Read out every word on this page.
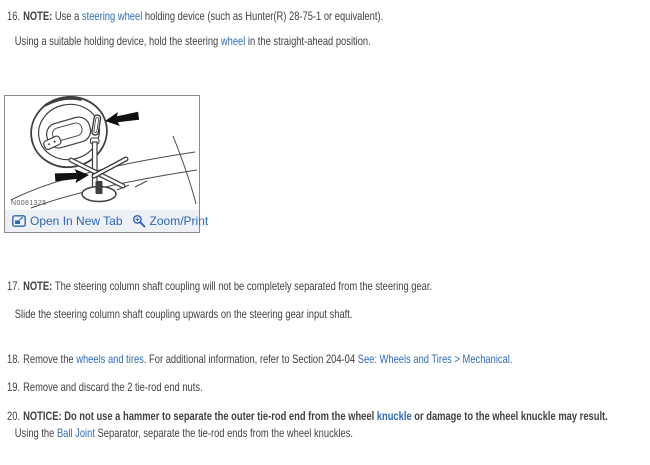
16. NOTE: Use a steering wheel holding device (such as Hunter(R) 28-75-1 or equivalent).
Using a suitable holding device, hold the steering wheel in the straight-ahead position.
N0081325
Open In New Tab Zoom/Print
17. NOTE: The steering column shaft coupling will not be completely separated from the steering gear.
Slide the steering column shaft coupling upwards on the steering gear input shaft.
18. Remove the wheels and tires. For additional information, refer to Section 204-04 See: Wheels and Tires > Mechanical.
19. Remove and discard the 2 tie-rod end nuts.
20. NOTICE: Do not use a hammer to separate the outer tie-rod end from the wheel knuckle or damage to the wheel knuckle may result.
Using the Ball Joint Separator, separate the tie-rod ends from the wheel knuckles.
